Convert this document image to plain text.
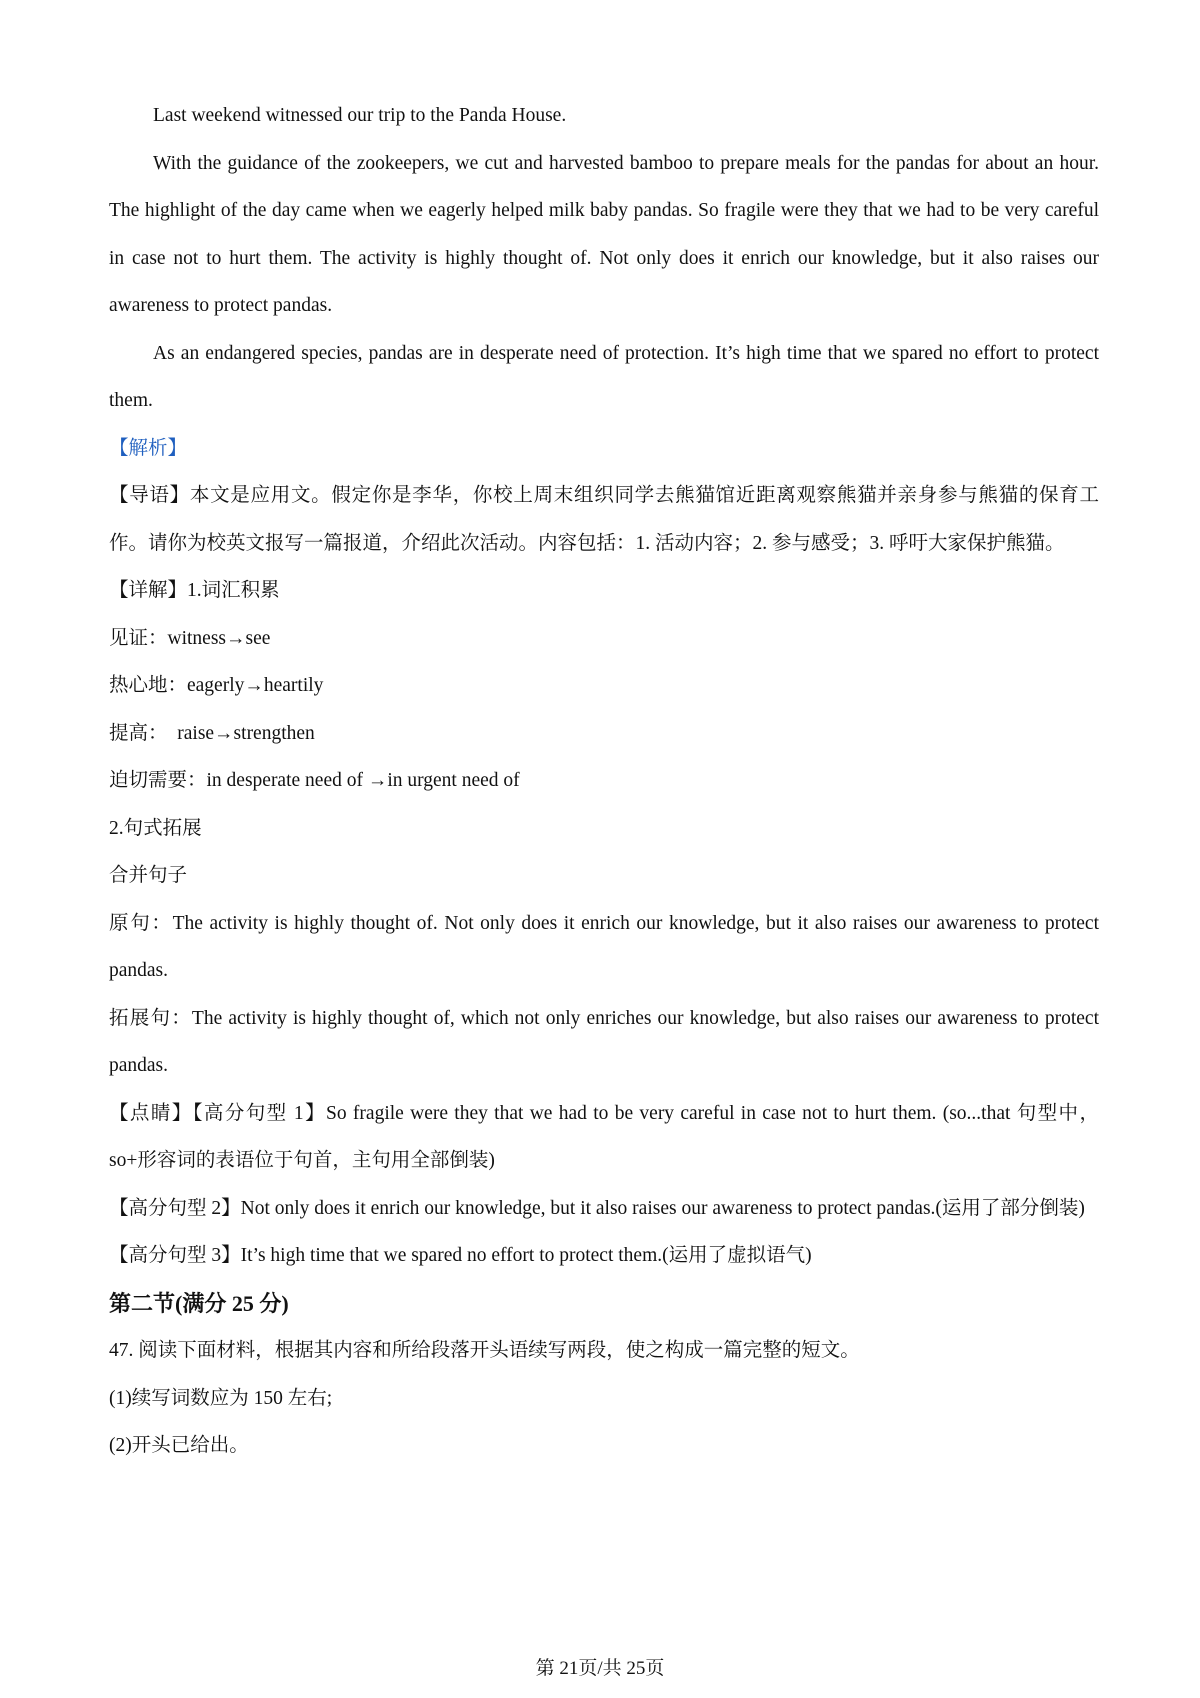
Last weekend witnessed our trip to the Panda House.

With the guidance of the zookeepers, we cut and harvested bamboo to prepare meals for the pandas for about an hour. The highlight of the day came when we eagerly helped milk baby pandas. So fragile were they that we had to be very careful in case not to hurt them. The activity is highly thought of. Not only does it enrich our knowledge, but it also raises our awareness to protect pandas.

As an endangered species, pandas are in desperate need of protection. It’s high time that we spared no effort to protect them.

【解析】

【导语】本文是应用文。假定你是李华，你校上周末组织同学去熊猫馆近距离观察熊猫并亲身参与熊猫的保育工作。请你为校英文报写一篇报道，介绍此次活动。内容包括：1. 活动内容；2. 参与感受；3. 呼吁大家保护熊猫。

【详解】1.词汇积累

见证：witness→see

热心地：eagerly→heartily

提高：  raise→strengthen

迫切需要：in desperate need of →in urgent need of

2.句式拓展

合并句子

原句：The activity is highly thought of. Not only does it enrich our knowledge, but it also raises our awareness to protect pandas.

拓展句：The activity is highly thought of, which not only enriches our knowledge, but also raises our awareness to protect pandas.

【点睛】【高分句型 1】So fragile were they that we had to be very careful in case not to hurt them. (so...that 句型中，so+形容词的表语位于句首，主句用全部倒装)

【高分句型 2】Not only does it enrich our knowledge, but it also raises our awareness to protect pandas.(运用了部分倒装)

【高分句型 3】It’s high time that we spared no effort to protect them.(运用了虚拟语气)

第二节(满分 25 分)

47. 阅读下面材料，根据其内容和所给段落开头语续写两段，使之构成一篇完整的短文。

(1)续写词数应为 150 左右;

(2)开头已给出。

第 21页/共 25页
